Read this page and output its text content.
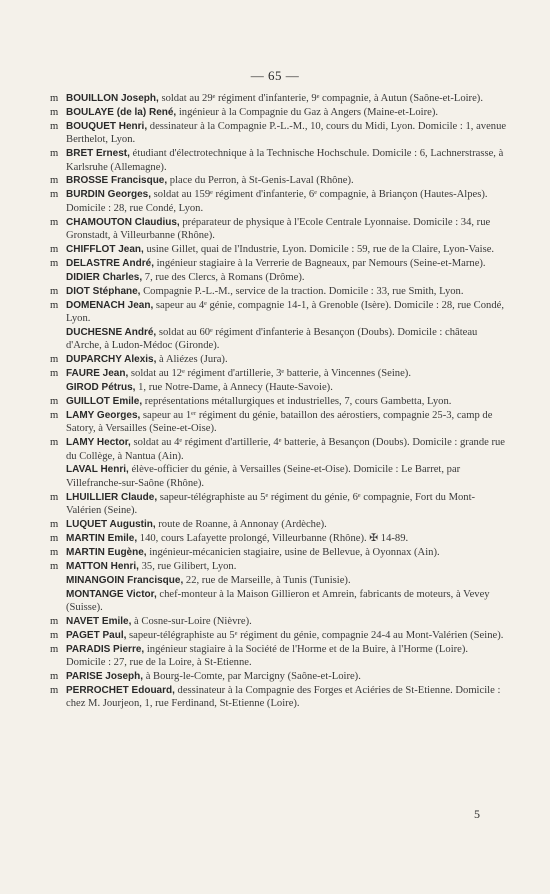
— 65 —
m BOUILLON Joseph, soldat au 29ᵉ régiment d'infanterie, 9ᵉ compagnie, à Autun (Saône-et-Loire).
m BOULAYE (de la) René, ingénieur à la Compagnie du Gaz à Angers (Maine-et-Loire).
m BOUQUET Henri, dessinateur à la Compagnie P.-L.-M., 10, cours du Midi, Lyon. Domicile : 1, avenue Berthelot, Lyon.
m BRET Ernest, étudiant d'électrotechnique à la Technische Hochschule. Domicile : 6, Lachnerstrasse, à Karlsruhe (Allemagne).
m BROSSE Francisque, place du Perron, à St-Genis-Laval (Rhône).
m BURDIN Georges, soldat au 159ᵉ régiment d'infanterie, 6ᵉ compagnie, à Briançon (Hautes-Alpes). Domicile : 28, rue Condé, Lyon.
m CHAMOUTON Claudius, préparateur de physique à l'Ecole Centrale Lyonnaise. Domicile : 34, rue Gronstadt, à Villeurbanne (Rhône).
m CHIFFLOT Jean, usine Gillet, quai de l'Industrie, Lyon. Domicile : 59, rue de la Claire, Lyon-Vaise.
m DELASTRE André, ingénieur stagiaire à la Verrerie de Bagneaux, par Nemours (Seine-et-Marne).
DIDIER Charles, 7, rue des Clercs, à Romans (Drôme).
m DIOT Stéphane, Compagnie P.-L.-M., service de la traction. Domicile : 33, rue Smith, Lyon.
m DOMENACH Jean, sapeur au 4ᵉ génie, compagnie 14-1, à Grenoble (Isère). Domicile : 28, rue Condé, Lyon.
DUCHESNE André, soldat au 60ᵉ régiment d'infanterie à Besançon (Doubs). Domicile : château d'Arche, à Ludon-Médoc (Gironde).
m DUPARCHY Alexis, à Aliézes (Jura).
m FAURE Jean, soldat au 12ᵉ régiment d'artillerie, 3ᵉ batterie, à Vincennes (Seine).
GIROD Pétrus, 1, rue Notre-Dame, à Annecy (Haute-Savoie).
m GUILLOT Emile, représentations métallurgiques et industrielles, 7, cours Gambetta, Lyon.
m LAMY Georges, sapeur au 1ᵉʳ régiment du génie, bataillon des aérostiers, compagnie 25-3, camp de Satory, à Versailles (Seine-et-Oise).
m LAMY Hector, soldat au 4ᵉ régiment d'artillerie, 4ᵉ batterie, à Besançon (Doubs). Domicile : grande rue du Collège, à Nantua (Ain).
LAVAL Henri, élève-officier du génie, à Versailles (Seine-et-Oise). Domicile : Le Barret, par Villefranche-sur-Saône (Rhône).
m LHUILLIER Claude, sapeur-télégraphiste au 5ᵉ régiment du génie, 6ᵉ compagnie, Fort du Mont-Valérien (Seine).
m LUQUET Augustin, route de Roanne, à Annonay (Ardèche).
m MARTIN Emile, 140, cours Lafayette prolongé, Villeurbanne (Rhône). ✠ 14-89.
m MARTIN Eugène, ingénieur-mécanicien stagiaire, usine de Bellevue, à Oyonnax (Ain).
m MATTON Henri, 35, rue Gilibert, Lyon.
MINANGOIN Francisque, 22, rue de Marseille, à Tunis (Tunisie).
MONTANGE Victor, chef-monteur à la Maison Gillieron et Amrein, fabricants de moteurs, à Vevey (Suisse).
m NAVET Emile, à Cosne-sur-Loire (Nièvre).
m PAGET Paul, sapeur-télégraphiste au 5ᵉ régiment du génie, compagnie 24-4 au Mont-Valérien (Seine).
m PARADIS Pierre, ingénieur stagiaire à la Société de l'Horme et de la Buire, à l'Horme (Loire). Domicile : 27, rue de la Loire, à St-Etienne.
m PARISE Joseph, à Bourg-le-Comte, par Marcigny (Saône-et-Loire).
m PERROCHET Edouard, dessinateur à la Compagnie des Forges et Aciéries de St-Etienne. Domicile : chez M. Jourjeon, 1, rue Ferdinand, St-Etienne (Loire).
5
